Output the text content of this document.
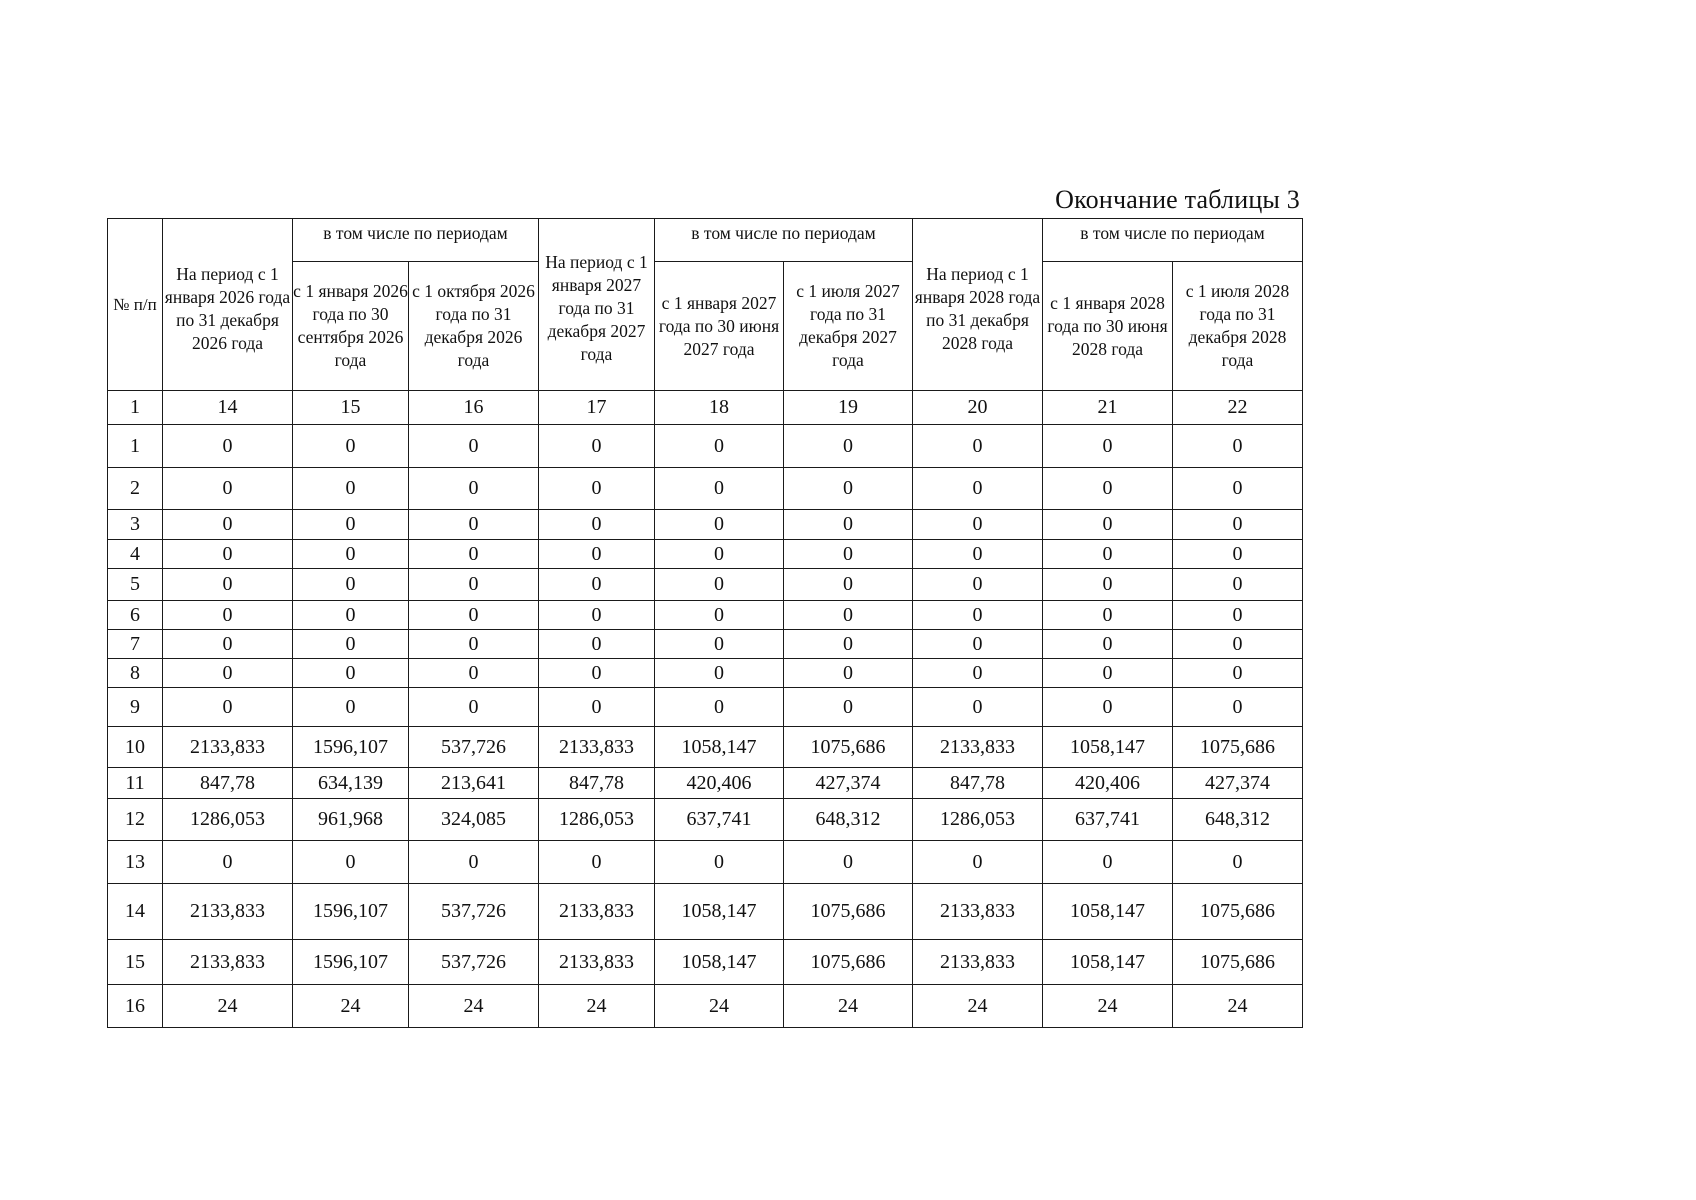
Окончание таблицы 3
№ п/п	На период с 1 января 2026 года по 31 декабря 2026 года	в том числе по периодам		На период с 1 января 2027 года по 31 декабря 2027 года	в том числе по периодам		На период с 1 января 2028 года по 31 декабря 2028 года	в том числе по периодам	
		с 1 января 2026 года по 30 сентября 2026 года	с 1 октября 2026 года по 31 декабря 2026 года		с 1 января 2027 года по 30 июня 2027 года	с 1 июля 2027 года по 31 декабря 2027 года		с 1 января 2028 года по 30 июня 2028 года	с 1 июля 2028 года по 31 декабря 2028 года
1	14	15	16	17	18	19	20	21	22
1	0	0	0	0	0	0	0	0	0
2	0	0	0	0	0	0	0	0	0
3	0	0	0	0	0	0	0	0	0
4	0	0	0	0	0	0	0	0	0
5	0	0	0	0	0	0	0	0	0
6	0	0	0	0	0	0	0	0	0
7	0	0	0	0	0	0	0	0	0
8	0	0	0	0	0	0	0	0	0
9	0	0	0	0	0	0	0	0	0
10	2133,833	1596,107	537,726	2133,833	1058,147	1075,686	2133,833	1058,147	1075,686
11	847,78	634,139	213,641	847,78	420,406	427,374	847,78	420,406	427,374
12	1286,053	961,968	324,085	1286,053	637,741	648,312	1286,053	637,741	648,312
13	0	0	0	0	0	0	0	0	0
14	2133,833	1596,107	537,726	2133,833	1058,147	1075,686	2133,833	1058,147	1075,686
15	2133,833	1596,107	537,726	2133,833	1058,147	1075,686	2133,833	1058,147	1075,686
16	24	24	24	24	24	24	24	24	24
